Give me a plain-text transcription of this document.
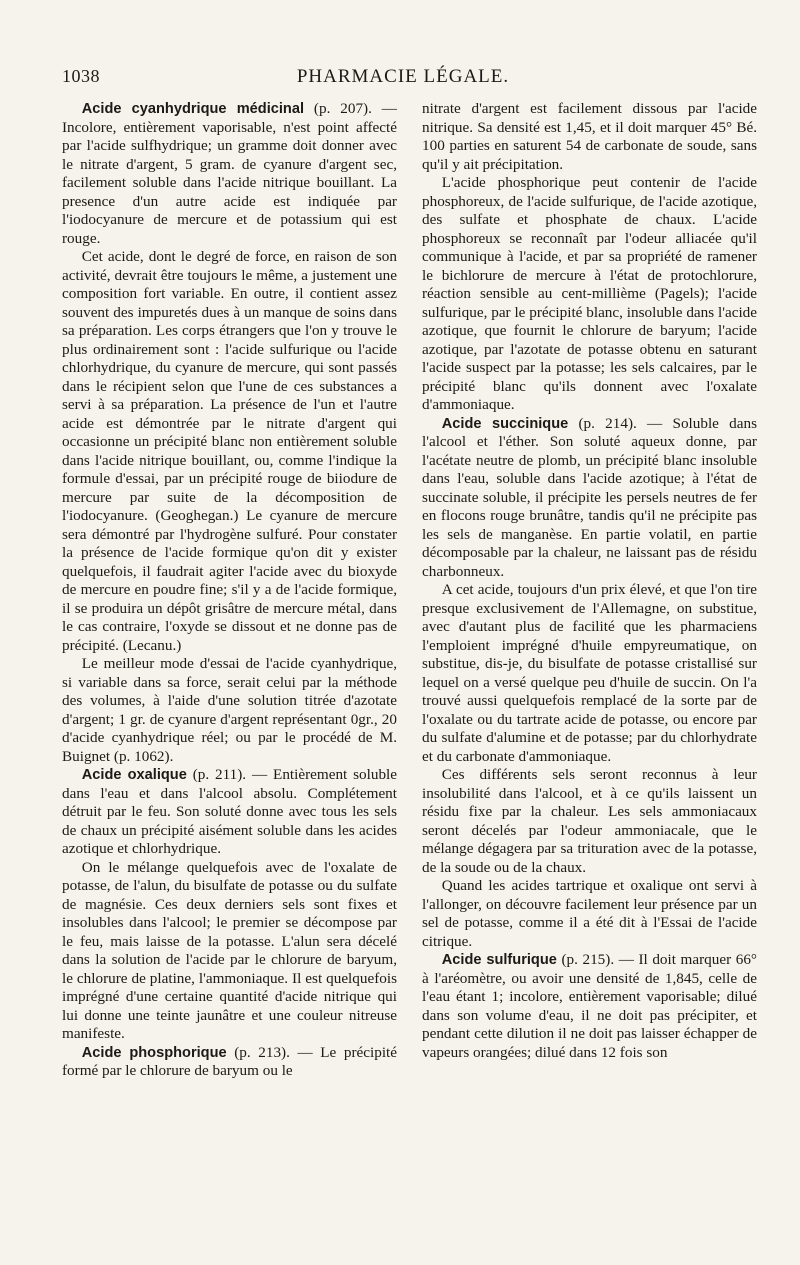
1038	PHARMACIE LÉGALE.

Acide cyanhydrique médicinal (p. 207). — Incolore, entièrement vaporisable, n'est point affecté par l'acide sulfhydrique; un gramme doit donner avec le nitrate d'argent, 5 gram. de cyanure d'argent sec, facilement soluble dans l'acide nitrique bouillant. La presence d'un autre acide est indiquée par l'iodocyanure de mercure et de potassium qui est rouge.

Cet acide, dont le degré de force, en raison de son activité, devrait être toujours le même, a justement une composition fort variable. En outre, il contient assez souvent des impuretés dues à un manque de soins dans sa préparation. Les corps étrangers que l'on y trouve le plus ordinairement sont : l'acide sulfurique ou l'acide chlorhydrique, du cyanure de mercure, qui sont passés dans le récipient selon que l'une de ces substances a servi à sa préparation. La présence de l'un et l'autre acide est démontrée par le nitrate d'argent qui occasionne un précipité blanc non entièrement soluble dans l'acide nitrique bouillant, ou, comme l'indique la formule d'essai, par un précipité rouge de biiodure de mercure par suite de la décomposition de l'iodocyanure. (Geoghegan.) Le cyanure de mercure sera démontré par l'hydrogène sulfuré. Pour constater la présence de l'acide formique qu'on dit y exister quelquefois, il faudrait agiter l'acide avec du bioxyde de mercure en poudre fine; s'il y a de l'acide formique, il se produira un dépôt grisâtre de mercure métal, dans le cas contraire, l'oxyde se dissout et ne donne pas de précipité. (Lecanu.)

Le meilleur mode d'essai de l'acide cyanhydrique, si variable dans sa force, serait celui par la méthode des volumes, à l'aide d'une solution titrée d'azotate d'argent; 1 gr. de cyanure d'argent représentant 0gr., 20 d'acide cyanhydrique réel; ou par le procédé de M. Buignet (p. 1062).

Acide oxalique (p. 211). — Entièrement soluble dans l'eau et dans l'alcool absolu. Complétement détruit par le feu. Son soluté donne avec tous les sels de chaux un précipité aisément soluble dans les acides azotique et chlorhydrique.

On le mélange quelquefois avec de l'oxalate de potasse, de l'alun, du bisulfate de potasse ou du sulfate de magnésie. Ces deux derniers sels sont fixes et insolubles dans l'alcool; le premier se décompose par le feu, mais laisse de la potasse. L'alun sera décelé dans la solution de l'acide par le chlorure de baryum, le chlorure de platine, l'ammoniaque. Il est quelquefois imprégné d'une certaine quantité d'acide nitrique qui lui donne une teinte jaunâtre et une couleur nitreuse manifeste.

Acide phosphorique (p. 213). — Le précipité formé par le chlorure de baryum ou le

nitrate d'argent est facilement dissous par l'acide nitrique. Sa densité est 1,45, et il doit marquer 45° Bé. 100 parties en saturent 54 de carbonate de soude, sans qu'il y ait précipitation.

L'acide phosphorique peut contenir de l'acide phosphoreux, de l'acide sulfurique, de l'acide azotique, des sulfate et phosphate de chaux. L'acide phosphoreux se reconnaît par l'odeur alliacée qu'il communique à l'acide, et par sa propriété de ramener le bichlorure de mercure à l'état de protochlorure, réaction sensible au cent-millième (Pagels); l'acide sulfurique, par le précipité blanc, insoluble dans l'acide azotique, que fournit le chlorure de baryum; l'acide azotique, par l'azotate de potasse obtenu en saturant l'acide suspect par la potasse; les sels calcaires, par le précipité blanc qu'ils donnent avec l'oxalate d'ammoniaque.

Acide succinique (p. 214). — Soluble dans l'alcool et l'éther. Son soluté aqueux donne, par l'acétate neutre de plomb, un précipité blanc insoluble dans l'eau, soluble dans l'acide azotique; à l'état de succinate soluble, il précipite les persels neutres de fer en flocons rouge brunâtre, tandis qu'il ne précipite pas les sels de manganèse. En partie volatil, en partie décomposable par la chaleur, ne laissant pas de résidu charbonneux.

A cet acide, toujours d'un prix élevé, et que l'on tire presque exclusivement de l'Allemagne, on substitue, avec d'autant plus de facilité que les pharmaciens l'emploient imprégné d'huile empyreumatique, on substitue, dis-je, du bisulfate de potasse cristallisé sur lequel on a versé quelque peu d'huile de succin. On l'a trouvé aussi quelquefois remplacé de la sorte par de l'oxalate ou du tartrate acide de potasse, ou encore par du sulfate d'alumine et de potasse; par du chlorhydrate et du carbonate d'ammoniaque.

Ces différents sels seront reconnus à leur insolubilité dans l'alcool, et à ce qu'ils laissent un résidu fixe par la chaleur. Les sels ammoniacaux seront décelés par l'odeur ammoniacale, que le mélange dégagera par sa trituration avec de la potasse, de la soude ou de la chaux.

Quand les acides tartrique et oxalique ont servi à l'allonger, on découvre facilement leur présence par un sel de potasse, comme il a été dit à l'Essai de l'acide citrique.

Acide sulfurique (p. 215). — Il doit marquer 66° à l'aréomètre, ou avoir une densité de 1,845, celle de l'eau étant 1; incolore, entièrement vaporisable; dilué dans son volume d'eau, il ne doit pas précipiter, et pendant cette dilution il ne doit pas laisser échapper de vapeurs orangées; dilué dans 12 fois son
